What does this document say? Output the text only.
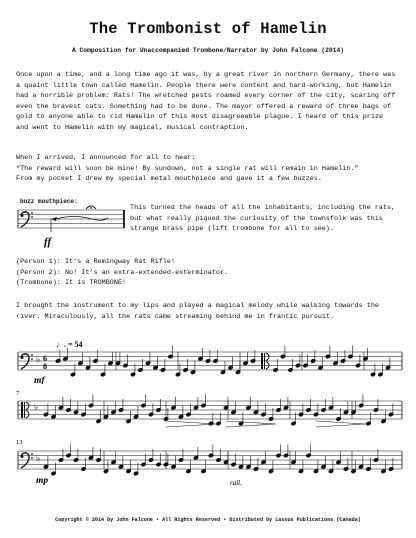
The Trombonist of Hamelin
A Composition for Unaccompanied Trombone/Narrator by John Falcone (2014)

Once upon a time, and a long time ago it was, by a great river in northern Germany, there was
a quaint little town called Hamelin. People there were content and hard-working, but Hamelin
had a horrible problem: Rats! The wretched pests roamed every corner of the city, scaring off
even the bravest cats. Something had to be done. The mayor offered a reward of three bags of
gold to anyone able to rid Hamelin of this most disagreeable plague. I heard of this prize
and went to Hamelin with my magical, musical contraption.

When I arrived, I announced for all to hear:
“The reward will soon be mine! By sundown, not a single rat will remain in Hamelin.”
From my pocket I drew my special metal mouthpiece and gave it a few buzzes.

buzz mouthpiece:
ff

This turned the heads of all the inhabitants, including the rats,
but what really piqued the curiosity of the townsfolk was this
strange brass pipe (lift trombone for all to see).

(Person 1): It’s a Remingway Rat Rifle!
(Person 2): No! It’s an extra-extended-exterminator.
(Trombone): It is TROMBONE!

I brought the instrument to my lips and played a magical melody while walking towards the
river. Miraculously, all the rats came streaming behind me in frantic pursuit.

♩. = 54
♭ 6
8
mf
7
♭
13
♭
mp	rall.
Copyright © 2014 by John Falcone • All Rights Reserved • Distributed by Lassus Publications (Canada)
